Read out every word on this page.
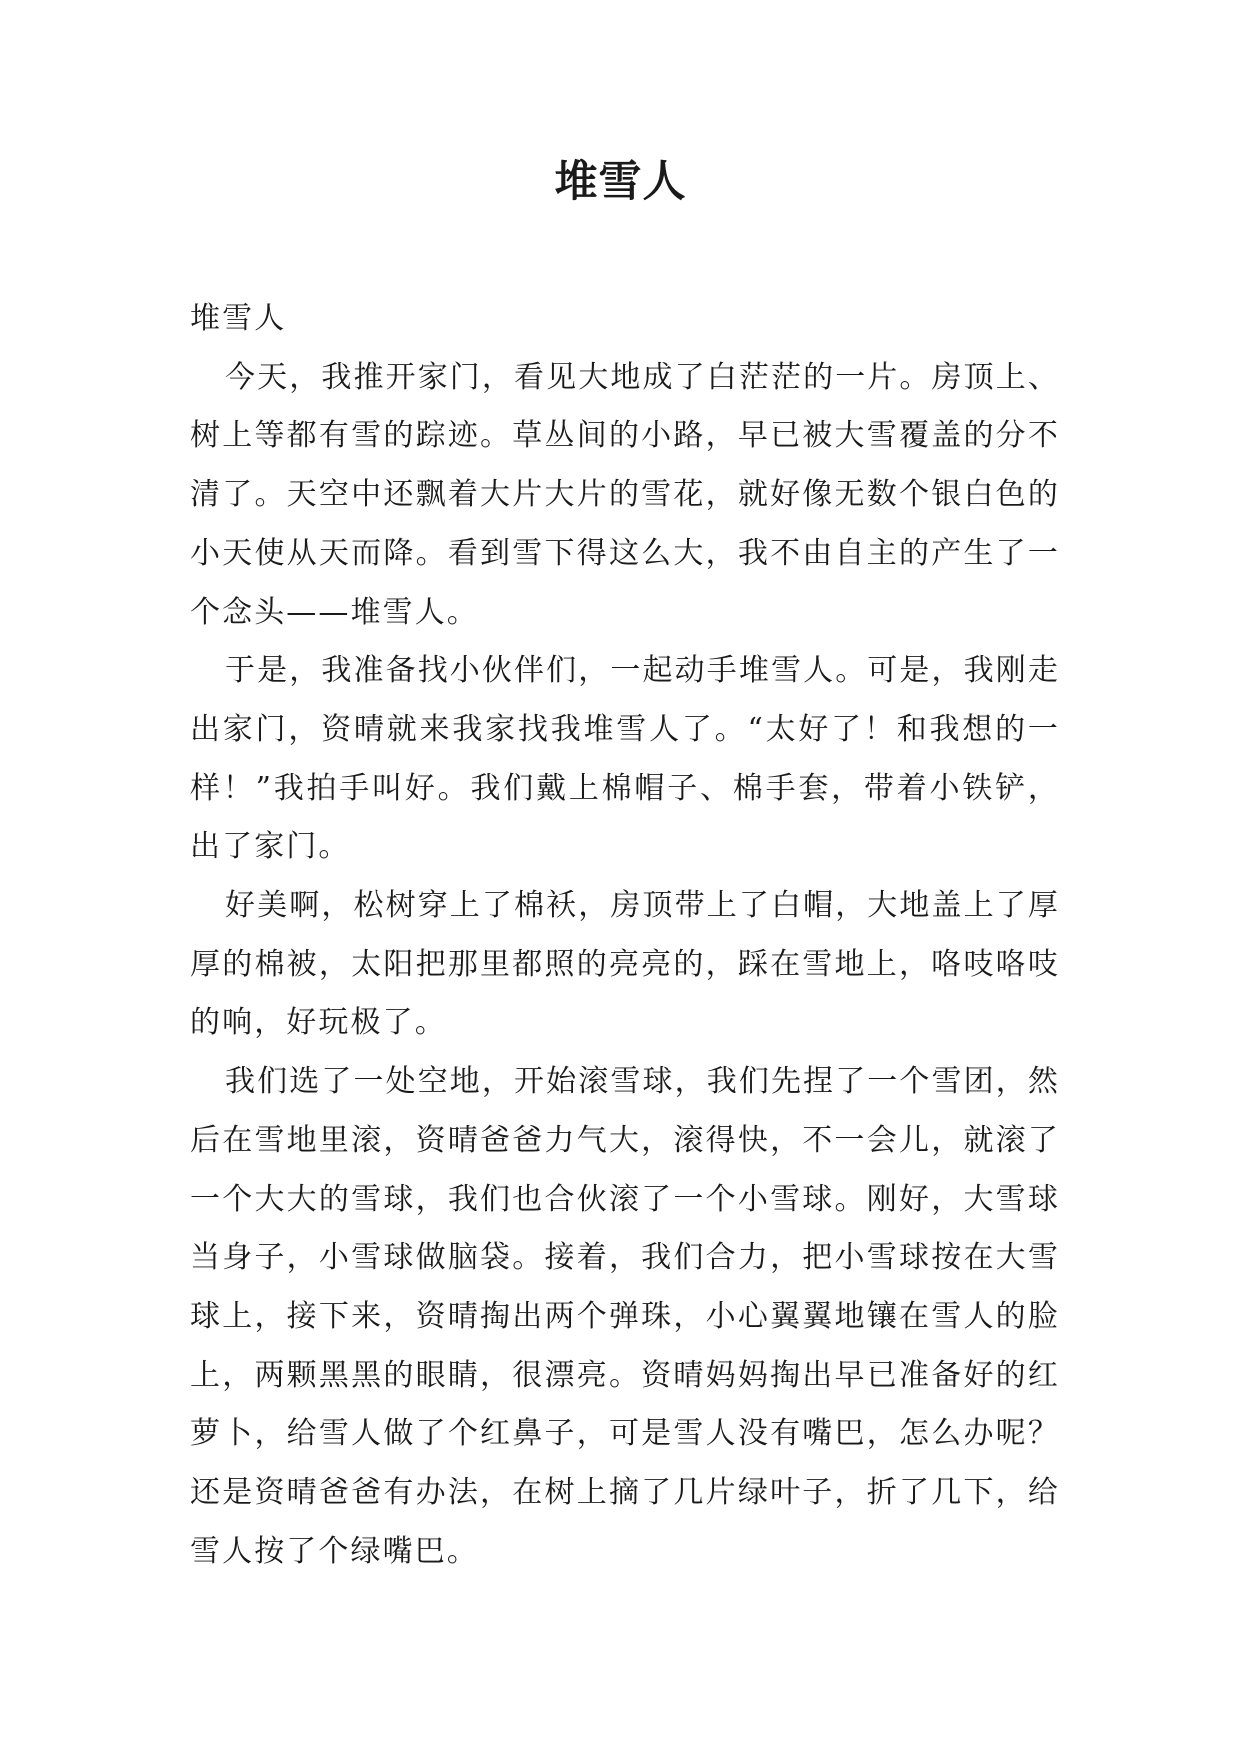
堆雪人

堆雪人

今天，我推开家门，看见大地成了白茫茫的一片。房顶上、树上等都有雪的踪迹。草丛间的小路，早已被大雪覆盖的分不清了。天空中还飘着大片大片的雪花，就好像无数个银白色的小天使从天而降。看到雪下得这么大，我不由自主的产生了一个念头——堆雪人。

于是，我准备找小伙伴们，一起动手堆雪人。可是，我刚走出家门，资晴就来我家找我堆雪人了。“太好了！和我想的一样！”我拍手叫好。我们戴上棉帽子、棉手套，带着小铁铲，出了家门。

好美啊，松树穿上了棉袄，房顶带上了白帽，大地盖上了厚厚的棉被，太阳把那里都照的亮亮的，踩在雪地上，咯吱咯吱的响，好玩极了。

我们选了一处空地，开始滚雪球，我们先捏了一个雪团，然后在雪地里滚，资晴爸爸力气大，滚得快，不一会儿，就滚了一个大大的雪球，我们也合伙滚了一个小雪球。刚好，大雪球当身子，小雪球做脑袋。接着，我们合力，把小雪球按在大雪球上，接下来，资晴掏出两个弹珠，小心翼翼地镶在雪人的脸上，两颗黑黑的眼睛，很漂亮。资晴妈妈掏出早已准备好的红萝卜，给雪人做了个红鼻子，可是雪人没有嘴巴，怎么办呢？还是资晴爸爸有办法，在树上摘了几片绿叶子，折了几下，给雪人按了个绿嘴巴。
